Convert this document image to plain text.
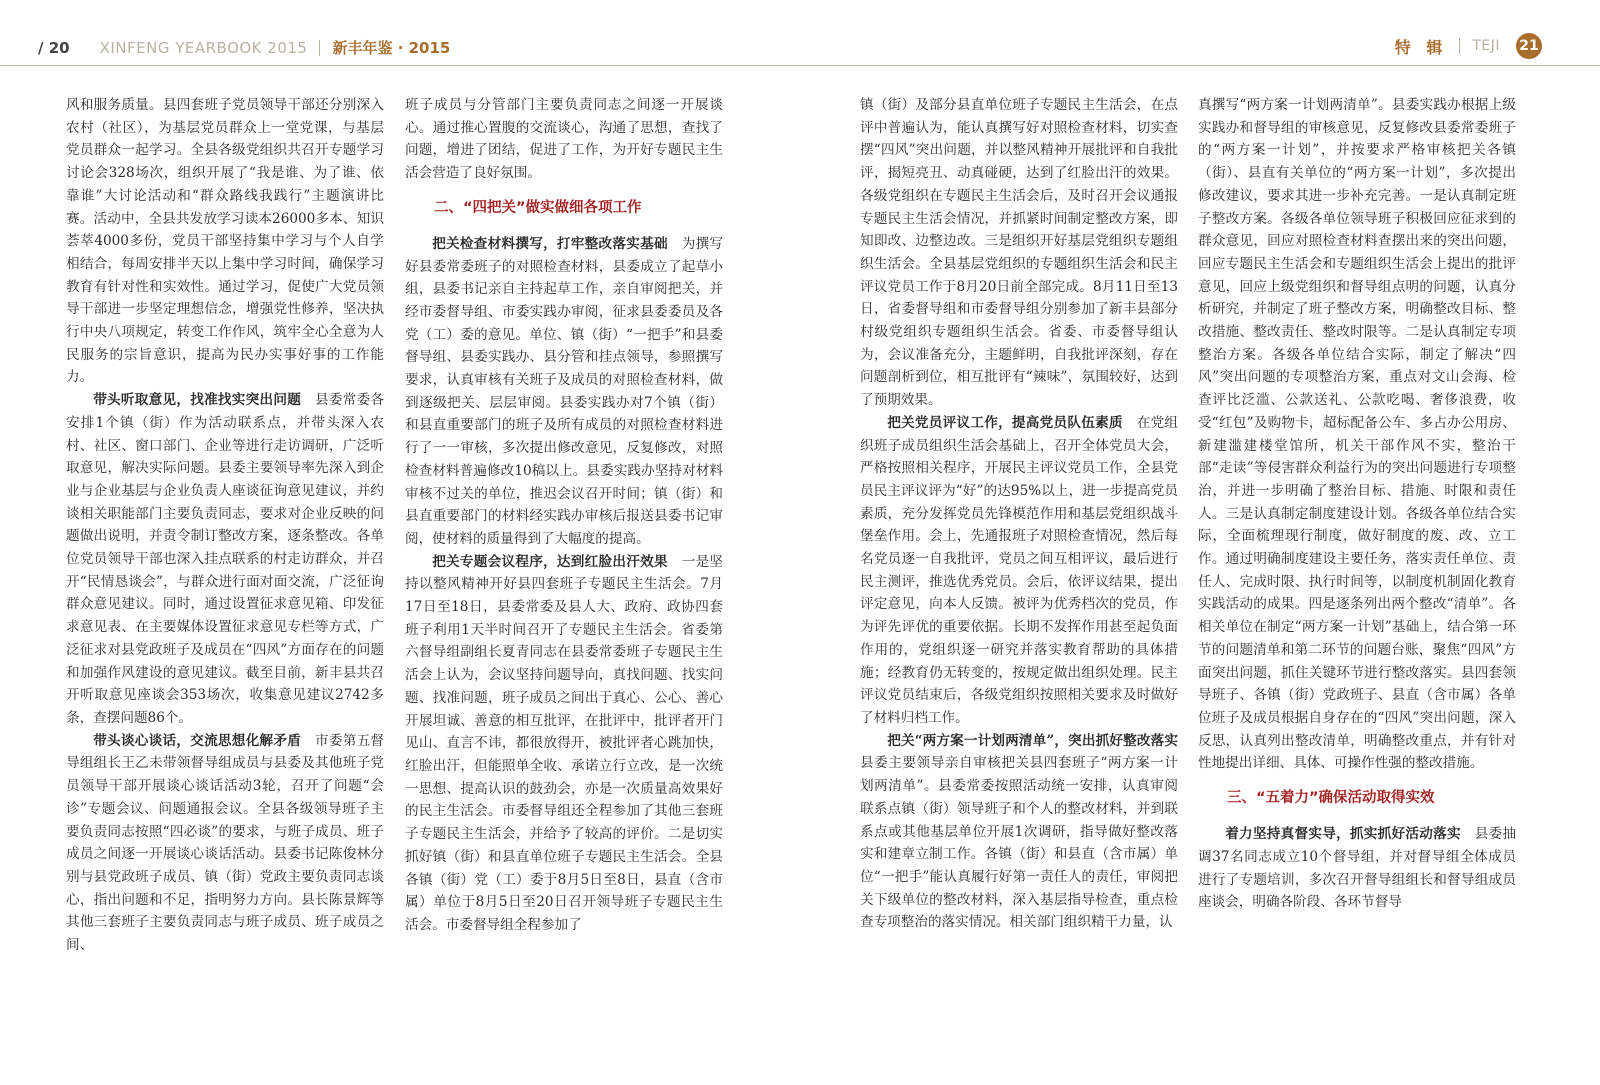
/ 20 XINFENG YEARBOOK 2015 新丰年鉴 · 2015	特 辑 TEJI 21

风和服务质量。县四套班子党员领导干部还分别深入农村（社区），为基层党员群众上一堂党课，与基层党员群众一起学习。全县各级党组织共召开专题学习讨论会328场次，组织开展了“我是谁、为了谁、依靠谁”大讨论活动和“群众路线我践行”主题演讲比赛。活动中，全县共发放学习读本26000多本、知识荟萃4000多份，党员干部坚持集中学习与个人自学相结合，每周安排半天以上集中学习时间，确保学习教育有针对性和实效性。通过学习，促使广大党员领导干部进一步坚定理想信念，增强党性修养，坚决执行中央八项规定，转变工作作风，筑牢全心全意为人民服务的宗旨意识，提高为民办实事好事的工作能力。

带头听取意见，找准找实突出问题　 县委常委各安排1个镇（街）作为活动联系点，并带头深入农村、社区、窗口部门、企业等进行走访调研，广泛听取意见，解决实际问题。县委主要领导率先深入到企业与企业基层与企业负责人座谈征询意见建议，并约谈相关职能部门主要负责同志，要求对企业反映的问题做出说明，并责令制订整改方案，逐条整改。各单位党员领导干部也深入挂点联系的村走访群众，并召开“民情恳谈会”，与群众进行面对面交流，广泛征询群众意见建议。同时，通过设置征求意见箱、印发征求意见表、在主要媒体设置征求意见专栏等方式，广泛征求对县党政班子及成员在“四风”方面存在的问题和加强作风建设的意见建议。截至目前，新丰县共召开听取意见座谈会353场次，收集意见建议2742多条，查摆问题86个。

带头谈心谈话，交流思想化解矛盾　 市委第五督导组组长王乙未带领督导组成员与县委及其他班子党员领导干部开展谈心谈话活动3轮，召开了问题“会诊”专题会议、问题通报会议。全县各级领导班子主要负责同志按照“四必谈”的要求，与班子成员、班子成员之间逐一开展谈心谈话活动。县委书记陈俊林分别与县党政班子成员、镇（街）党政主要负责同志谈心，指出问题和不足，指明努力方向。县长陈景辉等其他三套班子主要负责同志与班子成员、班子成员之间、

班子成员与分管部门主要负责同志之间逐一开展谈心。通过推心置腹的交流谈心，沟通了思想，查找了问题，增进了团结，促进了工作，为开好专题民主生活会营造了良好氛围。

二、“四把关”做实做细各项工作

把关检查材料撰写，打牢整改落实基础　 为撰写好县委常委班子的对照检查材料，县委成立了起草小组，县委书记亲自主持起草工作，亲自审阅把关，并经市委督导组、市委实践办审阅，征求县委委员及各党（工）委的意见。单位、镇（街）“一把手”和县委督导组、县委实践办、县分管和挂点领导，参照撰写要求，认真审核有关班子及成员的对照检查材料，做到逐级把关、层层审阅。县委实践办对7个镇（街）和县直重要部门的班子及所有成员的对照检查材料进行了一一审核，多次提出修改意见，反复修改，对照检查材料普遍修改10稿以上。县委实践办坚持对材料审核不过关的单位，推迟会议召开时间；镇（街）和县直重要部门的材料经实践办审核后报送县委书记审阅，使材料的质量得到了大幅度的提高。

把关专题会议程序，达到红脸出汗效果　 一是坚持以整风精神开好县四套班子专题民主生活会。7月17日至18日，县委常委及县人大、政府、政协四套班子利用1天半时间召开了专题民主生活会。省委第六督导组副组长夏青同志在县委常委班子专题民主生活会上认为，会议坚持问题导向，真找问题、找实问题、找准问题，班子成员之间出于真心、公心、善心开展坦诚、善意的相互批评，在批评中，批评者开门见山、直言不讳，都很放得开，被批评者心跳加快，红脸出汗，但能照单全收、承诺立行立改，是一次统一思想、提高认识的鼓劲会，亦是一次质量高效果好的民主生活会。市委督导组还全程参加了其他三套班子专题民主生活会，并给予了较高的评价。二是切实抓好镇（街）和县直单位班子专题民主生活会。全县各镇（街）党（工）委于8月5日至8日，县直（含市属）单位于8月5日至20日召开领导班子专题民主生活会。市委督导组全程参加了

镇（街）及部分县直单位班子专题民主生活会，在点评中普遍认为，能认真撰写好对照检查材料，切实查摆“四风”突出问题，并以整风精神开展批评和自我批评，揭短亮丑、动真碰硬，达到了红脸出汗的效果。各级党组织在专题民主生活会后，及时召开会议通报专题民主生活会情况，并抓紧时间制定整改方案，即知即改、边整边改。三是组织开好基层党组织专题组织生活会。全县基层党组织的专题组织生活会和民主评议党员工作于8月20日前全部完成。8月11日至13日，省委督导组和市委督导组分别参加了新丰县部分村级党组织专题组织生活会。省委、市委督导组认为，会议准备充分，主题鲜明，自我批评深刻，存在问题剖析到位，相互批评有“辣味”，氛围较好，达到了预期效果。

把关党员评议工作，提高党员队伍素质　 在党组织班子成员组织生活会基础上，召开全体党员大会，严格按照相关程序，开展民主评议党员工作，全县党员民主评议评为“好”的达95%以上，进一步提高党员素质，充分发挥党员先锋模范作用和基层党组织战斗堡垒作用。会上，先通报班子对照检查情况，然后每名党员逐一自我批评，党员之间互相评议，最后进行民主测评，推选优秀党员。会后，依评议结果，提出评定意见，向本人反馈。被评为优秀档次的党员，作为评先评优的重要依据。长期不发挥作用甚至起负面作用的，党组织逐一研究并落实教育帮助的具体措施；经教育仍无转变的，按规定做出组织处理。民主评议党员结束后，各级党组织按照相关要求及时做好了材料归档工作。

把关“两方案一计划两清单”，突出抓好整改落实　县委主要领导亲自审核把关县四套班子“两方案一计划两清单”。县委常委按照活动统一安排，认真审阅联系点镇（街）领导班子和个人的整改材料，并到联系点或其他基层单位开展1次调研，指导做好整改落实和建章立制工作。各镇（街）和县直（含市属）单位“一把手”能认真履行好第一责任人的责任，审阅把关下级单位的整改材料，深入基层指导检查，重点检查专项整治的落实情况。相关部门组织精干力量，认

真撰写“两方案一计划两清单”。县委实践办根据上级实践办和督导组的审核意见，反复修改县委常委班子的“两方案一计划”，并按要求严格审核把关各镇（街）、县直有关单位的“两方案一计划”，多次提出修改建议，要求其进一步补充完善。一是认真制定班子整改方案。各级各单位领导班子积极回应征求到的群众意见，回应对照检查材料查摆出来的突出问题，回应专题民主生活会和专题组织生活会上提出的批评意见，回应上级党组织和督导组点明的问题，认真分析研究，并制定了班子整改方案，明确整改目标、整改措施、整改责任、整改时限等。二是认真制定专项整治方案。各级各单位结合实际，制定了解决“四风”突出问题的专项整治方案，重点对文山会海、检查评比泛滥、公款送礼、公款吃喝、奢侈浪费，收受“红包”及购物卡，超标配备公车、多占办公用房、新建滥建楼堂馆所，机关干部作风不实，整治干部“走读”等侵害群众利益行为的突出问题进行专项整治，并进一步明确了整治目标、措施、时限和责任人。三是认真制定制度建设计划。各级各单位结合实际，全面梳理现行制度，做好制度的废、改、立工作。通过明确制度建设主要任务，落实责任单位、责任人、完成时限、执行时间等，以制度机制固化教育实践活动的成果。四是逐条列出两个整改“清单”。各相关单位在制定“两方案一计划”基础上，结合第一环节的问题清单和第二环节的问题台账，聚焦“四风”方面突出问题，抓住关键环节进行整改落实。县四套领导班子、各镇（街）党政班子、县直（含市属）各单位班子及成员根据自身存在的“四风”突出问题，深入反思，认真列出整改清单，明确整改重点，并有针对性地提出详细、具体、可操作性强的整改措施。

三、“五着力”确保活动取得实效

着力坚持真督实导，抓实抓好活动落实　 县委抽调37名同志成立10个督导组，并对督导组全体成员进行了专题培训，多次召开督导组组长和督导组成员座谈会，明确各阶段、各环节督导
